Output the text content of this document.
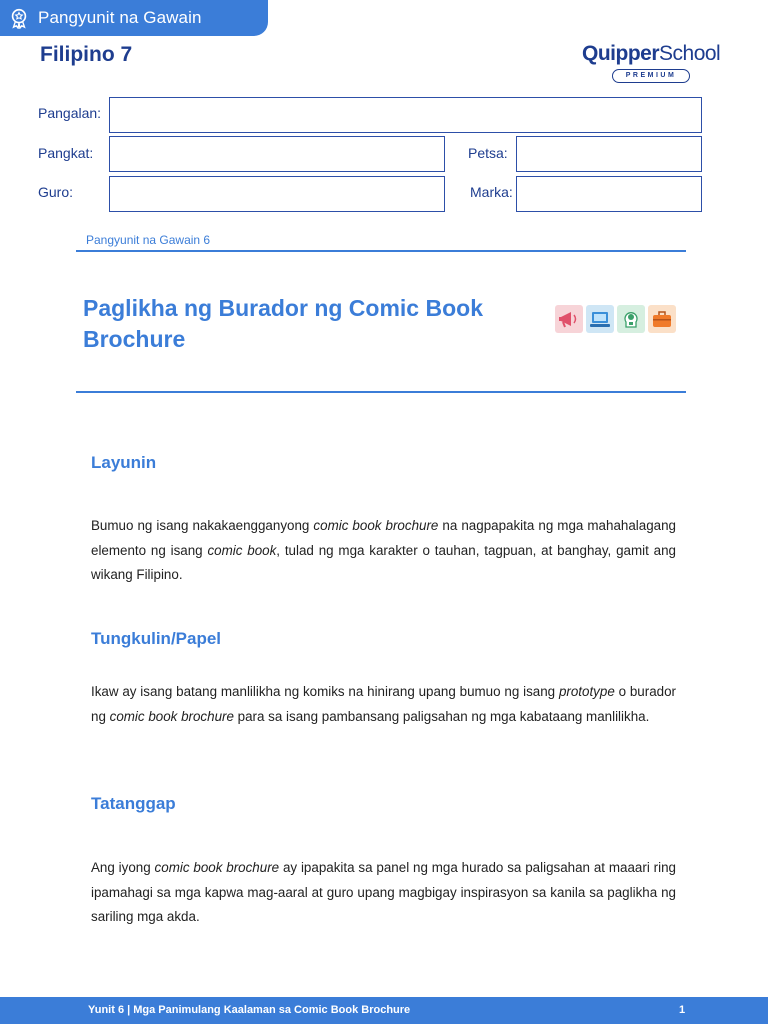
Pangyunit na Gawain
Filipino 7	QuipperSchool
PREMIUM
Pangalan:
Pangkat:	Petsa:
Guro:	Marka:
Pangyunit na Gawain 6
Paglikha ng Burador ng Comic Book
Brochure
Layunin

Bumuo ng isang nakakaengganyong comic book brochure na nagpapakita ng mga mahahalagang elemento ng isang comic book, tulad ng mga karakter o tauhan, tagpuan, at banghay, gamit ang wikang Filipino.

Tungkulin/Papel

Ikaw ay isang batang manlilikha ng komiks na hinirang upang bumuo ng isang prototype o burador ng comic book brochure para sa isang pambansang paligsahan ng mga kabataang manlilikha.

Tatanggap

Ang iyong comic book brochure ay ipapakita sa panel ng mga hurado sa paligsahan at maaari ring ipamahagi sa mga kapwa mag-aaral at guro upang magbigay inspirasyon sa kanila sa paglikha ng sariling mga akda.

Yunit 6 | Mga Panimulang Kaalaman sa Comic Book Brochure	1
